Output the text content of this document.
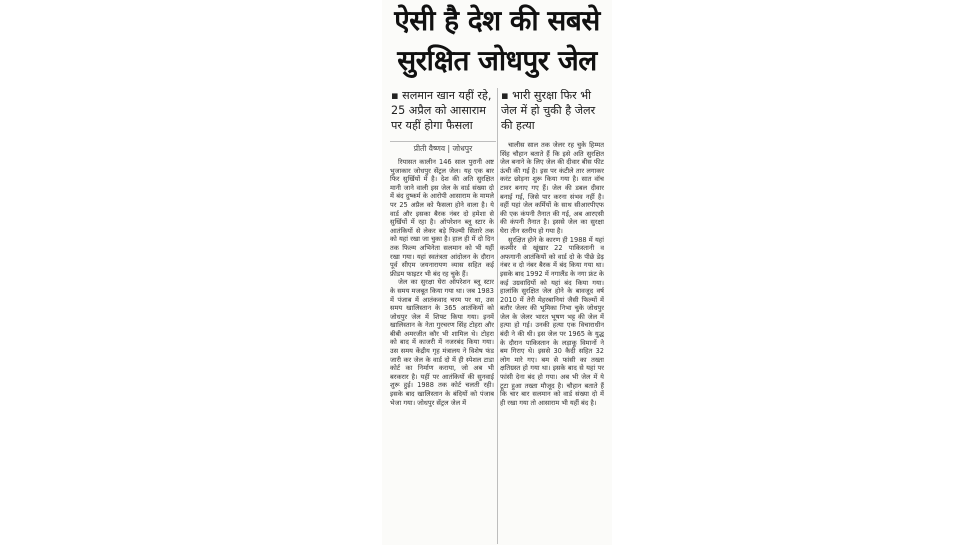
ऐसी है देश की सबसे
सुरक्षित जोधपुर जेल

▪ सलमान खान यहीं रहे, 25 अप्रैल को आसाराम पर यहीं होगा फैसला

▪ भारी सुरक्षा फिर भी जेल में हो चुकी है जेलर की हत्या

प्रीती वैष्णव | जोधपुर

रियासत कालीन 146 साल पुरानी अष्ट भुजाकार जोधपुर सेंट्रल जेल। यह एक बार फिर सुर्खियों में है। देश की अति सुरक्षित मानी जाने वाली इस जेल के वार्ड संख्या दो में बंद दुष्कर्म के आरोपी आसाराम के मामले पर 25 अप्रैल को फैसला होने वाला है। ये वार्ड और इसका बैरक नंबर दो हमेशा से सुर्खियों में रहा है। ऑपरेशन ब्लू स्टार के आतंकियों से लेकर बड़े फिल्मी सितारे तक को यहां रखा जा चुका है। हाल ही में दो दिन तक फिल्म अभिनेता सलमान को भी यहीं रखा गया। यहां स्वतंत्रता आंदोलन के दौरान पूर्व सीएम जयनारायण व्यास सहित कई फ्रीडम फाइटर भी बंद रह चुके हैं।

जेल का सुरक्षा घेरा ऑपरेशन ब्लू स्टार के समय मजबूत किया गया था। जब 1983 में पंजाब में आतंकवाद चरम पर था, उस समय खालिस्तान के 365 आतंकियों को जोधपुर जेल में शिफ्ट किया गया। इनमें खालिस्तान के नेता गुरचरण सिंह टोहरा और बीबी अमरजीत कौर भी शामिल थे। टोहरा को बाद में काजरी में नजरबंद किया गया। उस समय केंद्रीय गृह मंत्रालय ने विशेष फंड जारी कर जेल के वार्ड दो में ही स्पेशल टाडा कोर्ट का निर्माण कराया, जो अब भी बरकरार है। यहीं पर आतंकियों की सुनवाई शुरू हुई। 1988 तक कोर्ट चलती रही। इसके बाद खालिस्तान के बंदियों को पंजाब भेजा गया। जोधपुर सेंट्रल जेल में

चालीस साल तक जेलर रह चुके हिम्मत सिंह चौहान बताते हैं कि इसे अति सुरक्षित जेल बनाने के लिए जेल की दीवार बीस फीट ऊंची की गई है। इस पर कंटीले तार लगाकर करंट छोड़ना शुरू किया गया है। सात वॉच टावर बनाए गए हैं। जेल की डबल दीवार बनाई गई, जिसे पार करना संभव नहीं है। वहीं यहां जेल कर्मियों के साथ सीआरपीएफ की एक कंपनी तैनात की गई, अब आरएसी की कंपनी तैनात है। इससे जेल का सुरक्षा घेरा तीन स्तरीय हो गया है।

सुरक्षित होने के कारण ही 1988 में यहां कश्मीर से खूंखार 22 पाकिस्तानी व अफगानी आतंकियों को वार्ड दो के पीछे डेढ़ नंबर व दो नंबर बैरक में बंद किया गया था। इसके बाद 1992 में नगालैंड के नगा फ्रंट के कई उग्रवादियों को यहां बंद किया गया। हालांकि सुरक्षित जेल होने के बावजूद वर्ष 2010 में तेरी मेहरबानियां जैसी फिल्मों में बतौर जेलर की भूमिका निभा चुके जोधपुर जेल के जेलर भारत भूषण भट्ट की जेल में हत्या हो गई। उनकी हत्या एक विचाराधीन बंदी ने की थी। इस जेल पर 1965 के युद्ध के दौरान पाकिस्तान के लड़ाकू विमानों ने बम गिराए थे। इससे 30 कैदी सहित 32 लोग मारे गए। बम से फांसी का तख्ता क्षतिग्रस्त हो गया था। इसके बाद से यहां पर फांसी देना बंद हो गया। अब भी जेल में ये टूटा हुआ तख्ता मौजूद है। चौहान बताते हैं कि चार बार सलमान को वार्ड संख्या दो में ही रखा गया तो आसाराम भी यहीं बंद है।
